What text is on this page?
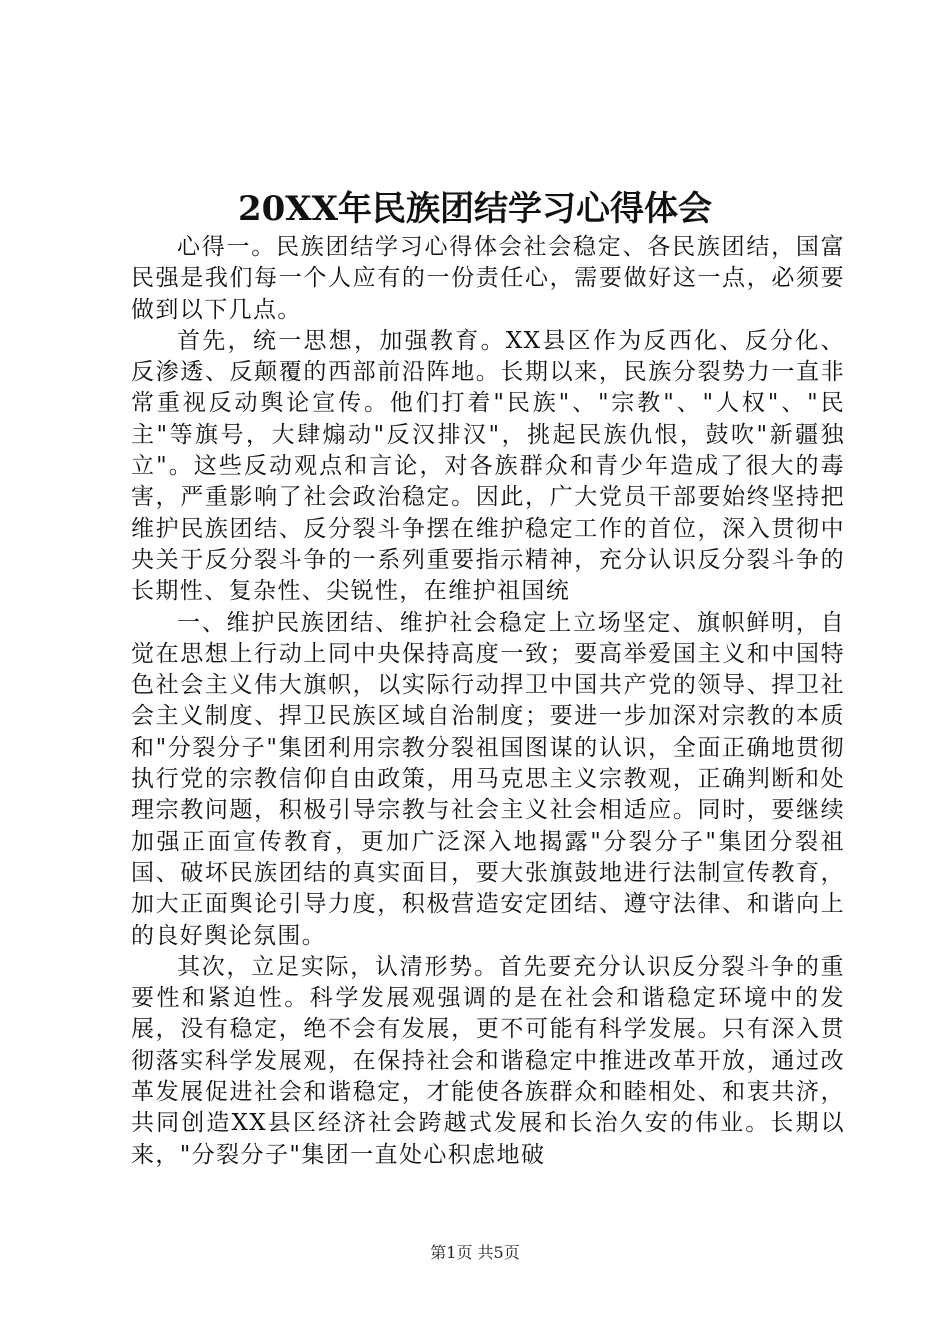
20XX年民族团结学习心得体会

心得一。民族团结学习心得体会社会稳定、各民族团结，国富民强是我们每一个人应有的一份责任心，需要做好这一点，必须要做到以下几点。

首先，统一思想，加强教育。XX县区作为反西化、反分化、反渗透、反颠覆的西部前沿阵地。长期以来，民族分裂势力一直非常重视反动舆论宣传。他们打着"民族"、"宗教"、"人权"、"民主"等旗号，大肆煽动"反汉排汉"，挑起民族仇恨，鼓吹"新疆独立"。这些反动观点和言论，对各族群众和青少年造成了很大的毒害，严重影响了社会政治稳定。因此，广大党员干部要始终坚持把维护民族团结、反分裂斗争摆在维护稳定工作的首位，深入贯彻中央关于反分裂斗争的一系列重要指示精神，充分认识反分裂斗争的长期性、复杂性、尖锐性，在维护祖国统

一、维护民族团结、维护社会稳定上立场坚定、旗帜鲜明，自觉在思想上行动上同中央保持高度一致；要高举爱国主义和中国特色社会主义伟大旗帜，以实际行动捍卫中国共产党的领导、捍卫社会主义制度、捍卫民族区域自治制度；要进一步加深对宗教的本质和"分裂分子"集团利用宗教分裂祖国图谋的认识，全面正确地贯彻执行党的宗教信仰自由政策，用马克思主义宗教观，正确判断和处理宗教问题，积极引导宗教与社会主义社会相适应。同时，要继续加强正面宣传教育，更加广泛深入地揭露"分裂分子"集团分裂祖国、破坏民族团结的真实面目，要大张旗鼓地进行法制宣传教育，加大正面舆论引导力度，积极营造安定团结、遵守法律、和谐向上的良好舆论氛围。

其次，立足实际，认清形势。首先要充分认识反分裂斗争的重要性和紧迫性。科学发展观强调的是在社会和谐稳定环境中的发展，没有稳定，绝不会有发展，更不可能有科学发展。只有深入贯彻落实科学发展观，在保持社会和谐稳定中推进改革开放，通过改革发展促进社会和谐稳定，才能使各族群众和睦相处、和衷共济，共同创造XX县区经济社会跨越式发展和长治久安的伟业。长期以来，"分裂分子"集团一直处心积虑地破

第1页 共5页
